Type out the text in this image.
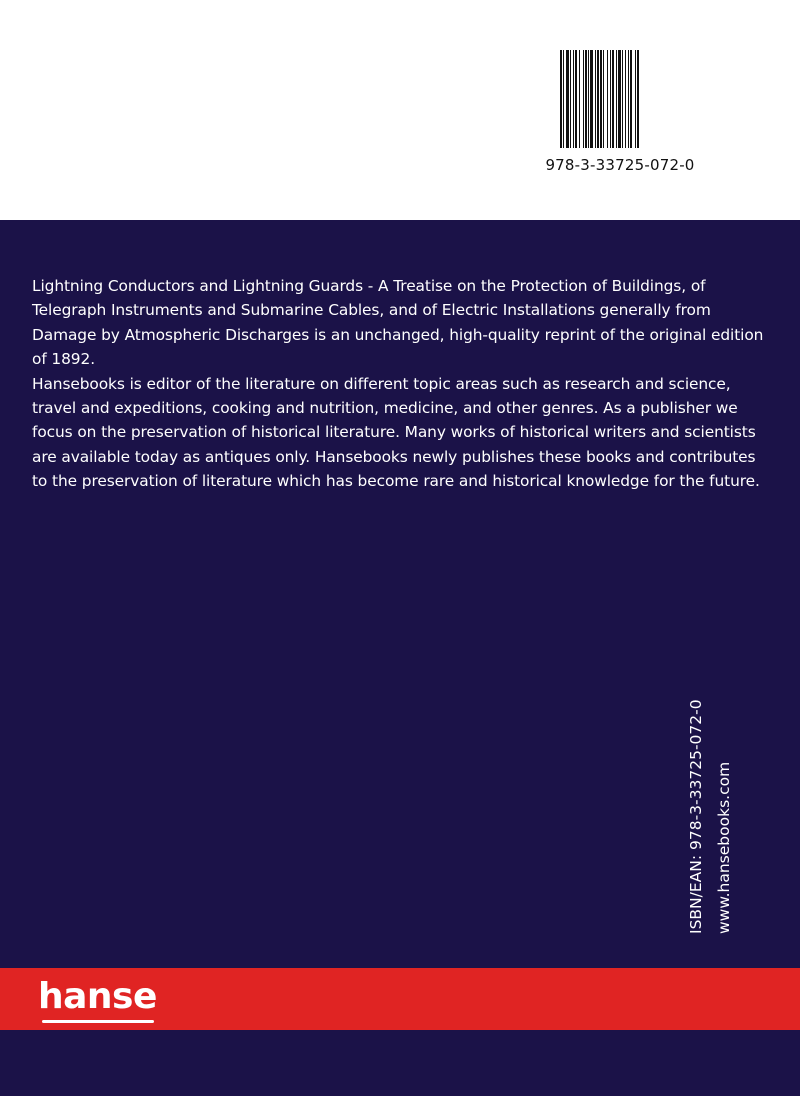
978-3-33725-072-0

Lightning Conductors and Lightning Guards - A Treatise on the Protection of Buildings, of Telegraph Instruments and Submarine Cables, and of Electric Installations generally from Damage by Atmospheric Discharges is an unchanged, high-quality reprint of the original edition of 1892.

Hansebooks is editor of the literature on different topic areas such as research and science, travel and expeditions, cooking and nutrition, medicine, and other genres. As a publisher we focus on the preservation of historical literature. Many works of historical writers and scientists are available today as antiques only. Hansebooks newly publishes these books and contributes to the preservation of literature which has become rare and historical knowledge for the future.

ISBN/EAN: 978-3-33725-072-0 www.hansebooks.com
hanse
